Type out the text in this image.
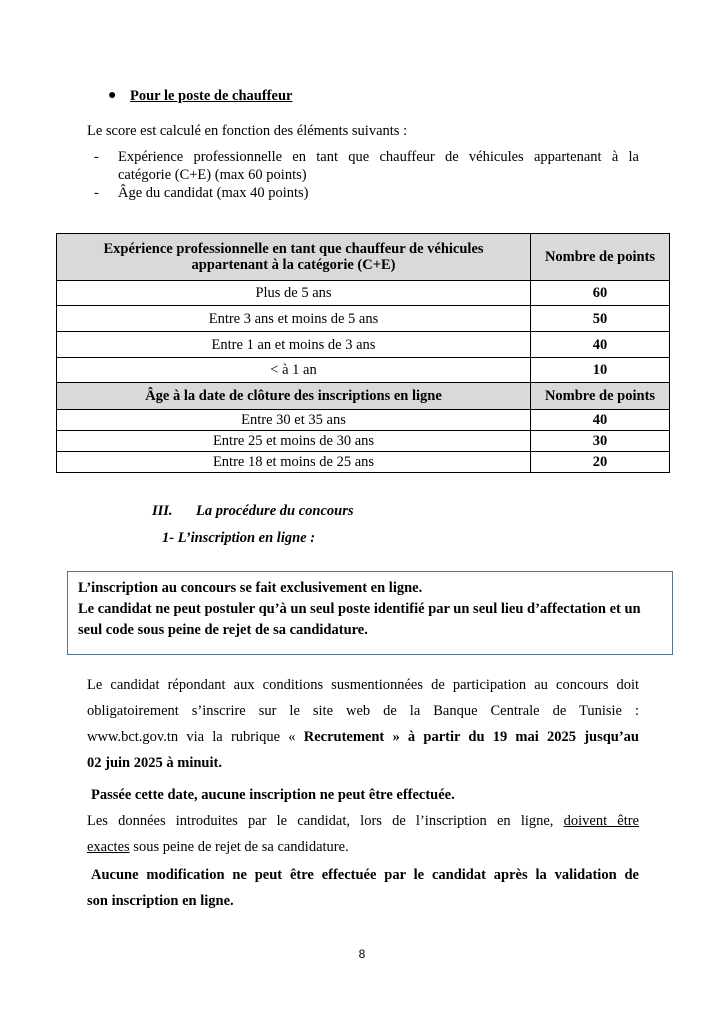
● Pour le poste de chauffeur
Le score est calculé en fonction des éléments suivants :
- Expérience professionnelle en tant que chauffeur de véhicules appartenant à la
catégorie (C+E) (max 60 points)
- Âge du candidat (max 40 points)
Expérience professionnelle en tant que chauffeur de véhicules
appartenant à la catégorie (C+E)	Nombre de points
Plus de 5 ans	60
Entre 3 ans et moins de 5 ans	50
Entre 1 an et moins de 3 ans	40
< à 1 an	10
Âge à la date de clôture des inscriptions en ligne	Nombre de points
Entre 30 et 35 ans	40
Entre 25 et moins de 30 ans	30
Entre 18 et moins de 25 ans	20
III. La procédure du concours
1- L’inscription en ligne :

L’inscription au concours se fait exclusivement en ligne.

Le candidat ne peut postuler qu’à un seul poste identifié par un seul lieu d’affectation et un seul code sous peine de rejet de sa candidature.

Le candidat répondant aux conditions susmentionnées de participation au concours doit
obligatoirement s’inscrire sur le site web de la Banque Centrale de Tunisie :
www.bct.gov.tn via la rubrique « Recrutement » à partir du 19 mai 2025 jusqu’au
02 juin 2025 à minuit.
Passée cette date, aucune inscription ne peut être effectuée.
Les données introduites par le candidat, lors de l’inscription en ligne, doivent être
exactes sous peine de rejet de sa candidature.
Aucune modification ne peut être effectuée par le candidat après la validation de
son inscription en ligne.
8
